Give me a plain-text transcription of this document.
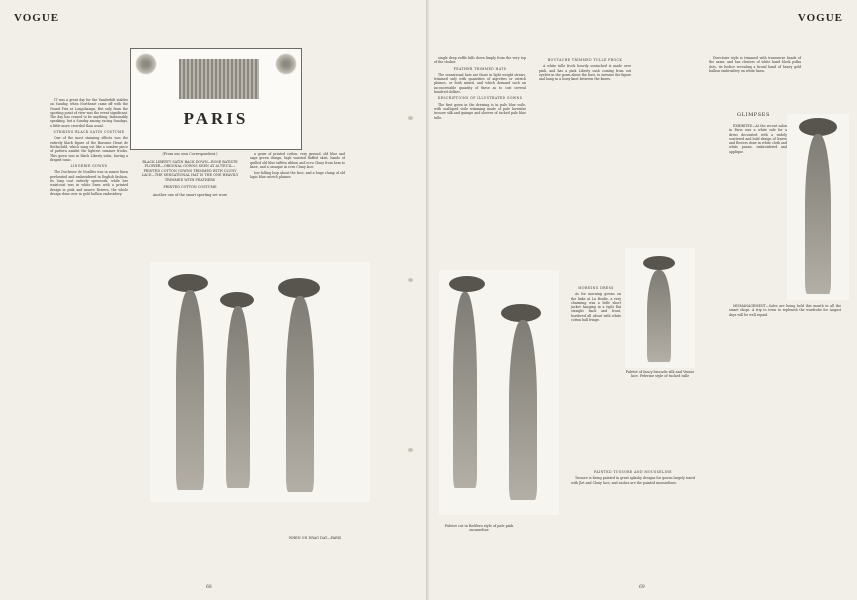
VOGUE
PARIS

IT was a great day for the Vanderbilt stables on Sunday, when Northeast came off with the Grand Prix at Longchamps. But only from the sporting point of view was the event significant. The day has ceased to be anything, fashionably speaking, but a Sunday among racing Sundays, a little more crowded than usual.

STRIKING BLACK SATIN COSTUME

One of the most stunning effects was the entirely black figure of the Baronne Henri de Rothschild, which sang out like a sombre piece of pattern amidst the lightest summer frocks. This gown was in black Liberty satin, having a draped tunic.

LINGERIE GOWNS

The Duchesse de Noailles was in masse linen perforated and embroidered in English fashion, its long coat entirely openwork, while her waistcoat was in white linen with a printed design in pink and mauve flowers, the whole design done over in gold bullion embroidery.

(From our own Correspondent.)
BLACK LIBERTY SATIN BACK DOWN—ROSE BATISTE FLOWER—ORIGINAL GOWNS SEEN AT AUTEUIL—PRINTED COTTON GOWNS TRIMMED WITH CLUNY LACE—THE SENSATIONAL HAT IS THE ONE HEAVILY TRIMMED WITH FEATHERS
PRINTED COTTON COSTUME
Another one of the smart sporting set wore

a gown of printed cotton, very ground, old blue and sage green design, high waisted fluffed skirt, bands of quilled old blue taffeta ribbon and ecru Cluny from hem to knee, and a casaque in ecru Cluny lace.

low falling loop about the face, and a huge clump of old lapis blue ostrich plumes.

WHEN ON DRAG DAY—PARIS
68
VOGUE

single deep ruffle falls down limply from the very top of the choker.

FEATHER TRIMMED HATS

The sensational hats are those in light weight straws, trimmed only with quantities of aigrettes or ostrich plumes, or both mixed, and which demand such an inconceivable quantity of these as to cost several hundred dollars.

DESCRIPTIONS OF ILLUSTRATED GOWNS

The first gown in the drawing is in pale blue voile, with scalloped voile trimming made of pale lavender tussore silk and guimpe and sleeves of tucked pale blue tulle.

BOUTACHE TRIMMED TULLE FROCK

A white tulle frock heavily soutached is made over pink, and has a pink Liberty sash coming from out eyelets in the gown about the bust, to entwine the figure and hang in a loosy knot between the knees.

Paletot cut in Redfern style of pale pink mousseline
MORNING DRESS

As for morning gowns on the links at La Boulie, a very charming was a little short jacket hanging in a tight flat straight back and front, bordered all about with white cotton ball fringe.

Paletot of fancy brocade silk and Venise lace. Pelerine style of tucked tulle
PAINTED TUSSORE AND MOUSSELINE

Tussore is being painted in great splashy designs for gowns largely toned with Jlet and Cluny lace, and sashes are the painted mousselines.

Directoire style is trimmed with transverse bands of the same, and has clusters of white hand block polka dots, its bodice revealing a broad band of heavy gold bullion embroidery on white linen.

GLIMPSES

EXHIBITED—At the recent salon in Paris was a white sale for a dress decorated with a widely scattered and bold design of leaves and flowers done in white cloth and white panne, embroidered and applique.

MISMANAGEMENT—Sales are being held this month in all the smart shops. A trip to town to replenish the wardrobe for August days will be well repaid.

69
